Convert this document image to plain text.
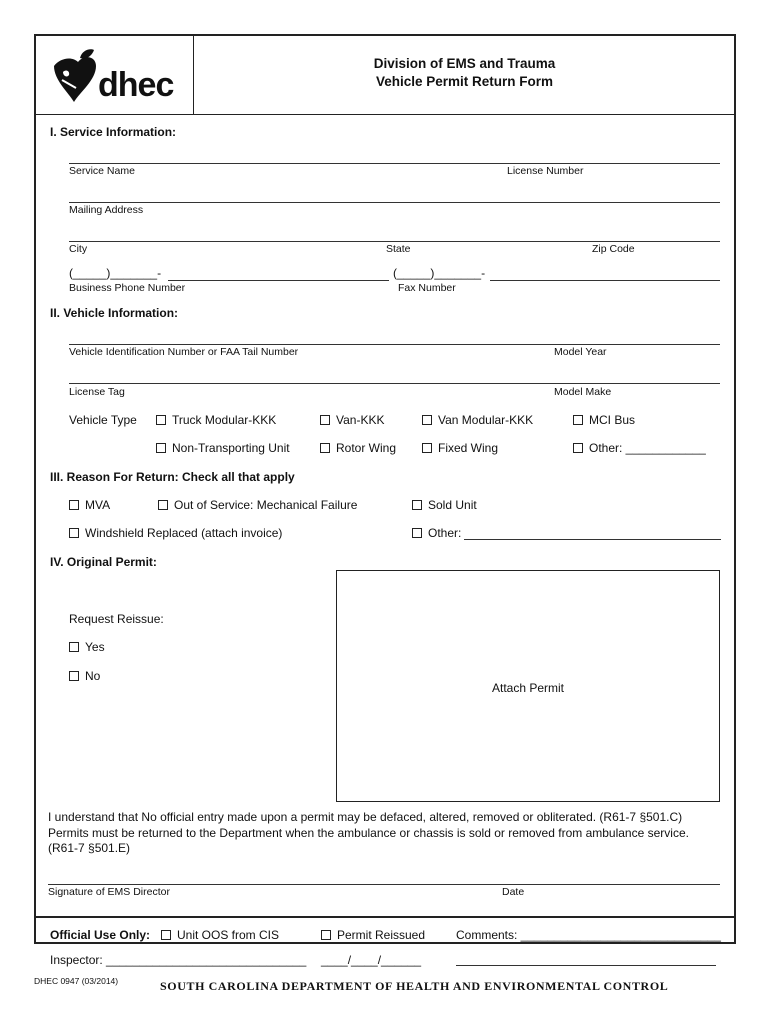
dhec
Division of EMS and Trauma
Vehicle Permit Return Form
I. Service Information:
Service Name	License Number
Mailing Address
City	State	Zip Code
(_____)_______-	(_____)_______-
Business Phone Number	Fax Number
II. Vehicle Information:
Vehicle Identification Number or FAA Tail Number	Model Year
License Tag	Model Make
Vehicle Type	Truck Modular-KKK	Van-KKK	Van Modular-KKK	MCI Bus
Non-Transporting Unit	Rotor Wing	Fixed Wing	Other: ____________
III. Reason For Return: Check all that apply
MVA	Out of Service: Mechanical Failure	Sold Unit
Windshield Replaced (attach invoice)	Other:
IV. Original Permit:
Request Reissue:
Yes
No
Attach Permit
I understand that No official entry made upon a permit may be defaced, altered, removed or obliterated. (R61-7 §501.C)
Permits must be returned to the Department when the ambulance or chassis is sold or removed from ambulance service.
(R61-7 §501.E)
Signature of EMS Director	Date
Official Use Only:	Unit OOS from CIS	Permit Reissued	Comments: ______________________________
Inspector: ______________________________ ____/____/______
DHEC 0947 (03/2014)	SOUTH CAROLINA DEPARTMENT OF HEALTH AND ENVIRONMENTAL CONTROL
